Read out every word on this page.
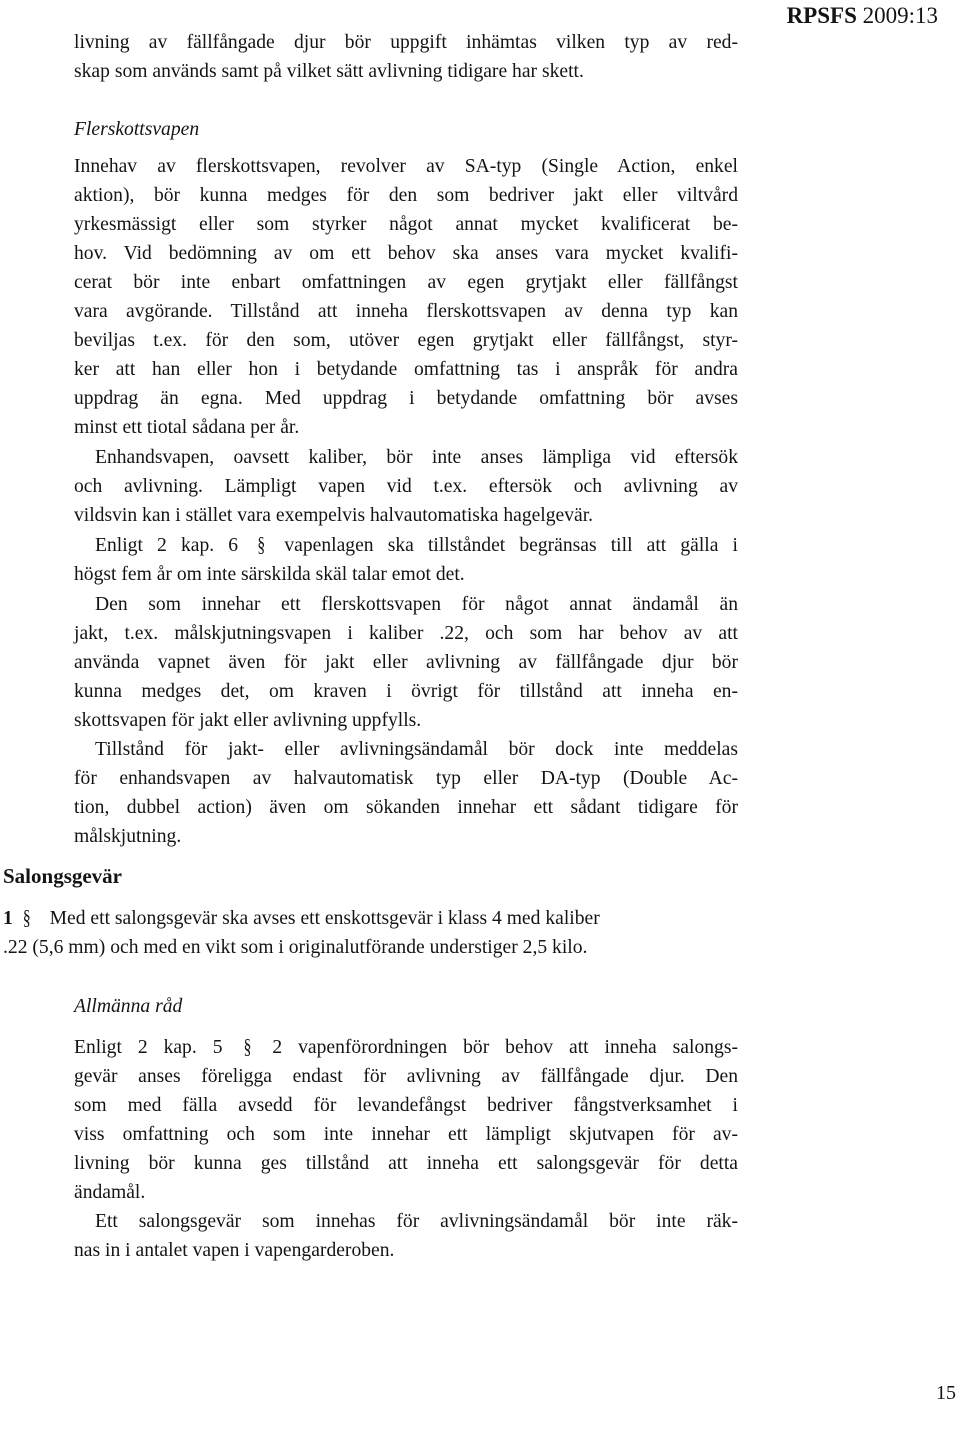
RPSFS 2009:13
livning av fällfångade djur bör uppgift inhämtas vilken typ av red-
skap som används samt på vilket sätt avlivning tidigare har skett.
Flerskottsvapen
Innehav av flerskottsvapen, revolver av SA-typ (Single Action, enkel
aktion), bör kunna medges för den som bedriver jakt eller viltvård
yrkesmässigt eller som styrker något annat mycket kvalificerat be-
hov. Vid bedömning av om ett behov ska anses vara mycket kvalifi-
cerat bör inte enbart omfattningen av egen grytjakt eller fällfångst
vara avgörande. Tillstånd att inneha flerskottsvapen av denna typ kan
beviljas t.ex. för den som, utöver egen grytjakt eller fällfångst, styr-
ker att han eller hon i betydande omfattning tas i anspråk för andra
uppdrag än egna. Med uppdrag i betydande omfattning bör avses
minst ett tiotal sådana per år.
Enhandsvapen, oavsett kaliber, bör inte anses lämpliga vid eftersök
och avlivning. Lämpligt vapen vid t.ex. eftersök och avlivning av
vildsvin kan i stället vara exempelvis halvautomatiska hagelgevär.
Enligt 2 kap. 6 § vapenlagen ska tillståndet begränsas till att gälla i
högst fem år om inte särskilda skäl talar emot det.
Den som innehar ett flerskottsvapen för något annat ändamål än
jakt, t.ex. målskjutningsvapen i kaliber .22, och som har behov av att
använda vapnet även för jakt eller avlivning av fällfångade djur bör
kunna medges det, om kraven i övrigt för tillstånd att inneha en-
skottsvapen för jakt eller avlivning uppfylls.
Tillstånd för jakt- eller avlivningsändamål bör dock inte meddelas
för enhandsvapen av halvautomatisk typ eller DA-typ (Double Ac-
tion, dubbel action) även om sökanden innehar ett sådant tidigare för
målskjutning.
Salongsgevär
1 § Med ett salongsgevär ska avses ett enskottsgevär i klass 4 med kaliber
.22 (5,6 mm) och med en vikt som i originalutförande understiger 2,5 kilo.
Allmänna råd
Enligt 2 kap. 5 § 2 vapenförordningen bör behov att inneha salongs-
gevär anses föreligga endast för avlivning av fällfångade djur. Den
som med fälla avsedd för levandefångst bedriver fångstverksamhet i
viss omfattning och som inte innehar ett lämpligt skjutvapen för av-
livning bör kunna ges tillstånd att inneha ett salongsgevär för detta
ändamål.
Ett salongsgevär som innehas för avlivningsändamål bör inte räk-
nas in i antalet vapen i vapengarderoben.
15
